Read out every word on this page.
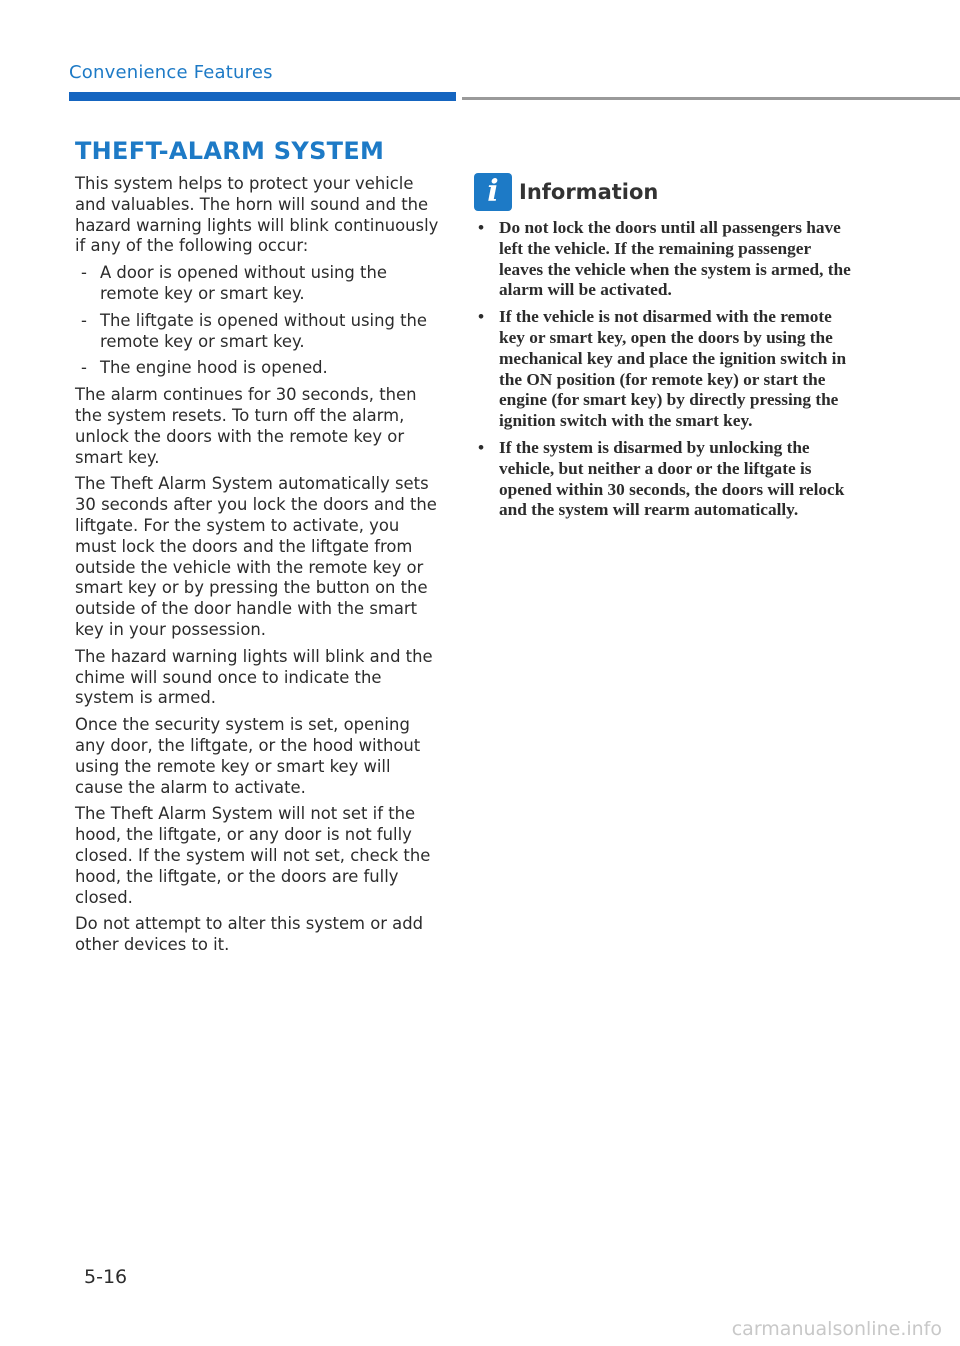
Convenience Features
THEFT-ALARM SYSTEM

This system helps to protect your vehicle and valuables. The horn will sound and the hazard warning lights will blink continuously if any of the following occur:

- A door is opened without using the remote key or smart key.
- The liftgate is opened without using the remote key or smart key.
- The engine hood is opened.

The alarm continues for 30 seconds, then the system resets. To turn off the alarm, unlock the doors with the remote key or smart key.

The Theft Alarm System automatically sets 30 seconds after you lock the doors and the liftgate. For the system to activate, you must lock the doors and the liftgate from outside the vehicle with the remote key or smart key or by pressing the button on the outside of the door handle with the smart key in your possession.

The hazard warning lights will blink and the chime will sound once to indicate the system is armed.

Once the security system is set, opening any door, the liftgate, or the hood without using the remote key or smart key will cause the alarm to activate.

The Theft Alarm System will not set if the hood, the liftgate, or any door is not fully closed. If the system will not set, check the hood, the liftgate, or the doors are fully closed.

Do not attempt to alter this system or add other devices to it.

i Information
• Do not lock the doors until all passengers have left the vehicle. If the remaining passenger leaves the vehicle when the system is armed, the alarm will be activated.
• If the vehicle is not disarmed with the remote key or smart key, open the doors by using the mechanical key and place the ignition switch in the ON position (for remote key) or start the engine (for smart key) by directly pressing the ignition switch with the smart key.
• If the system is disarmed by unlocking the vehicle, but neither a door or the liftgate is opened within 30 seconds, the doors will relock and the system will rearm automatically.
5-16
carmanualsonline.info
